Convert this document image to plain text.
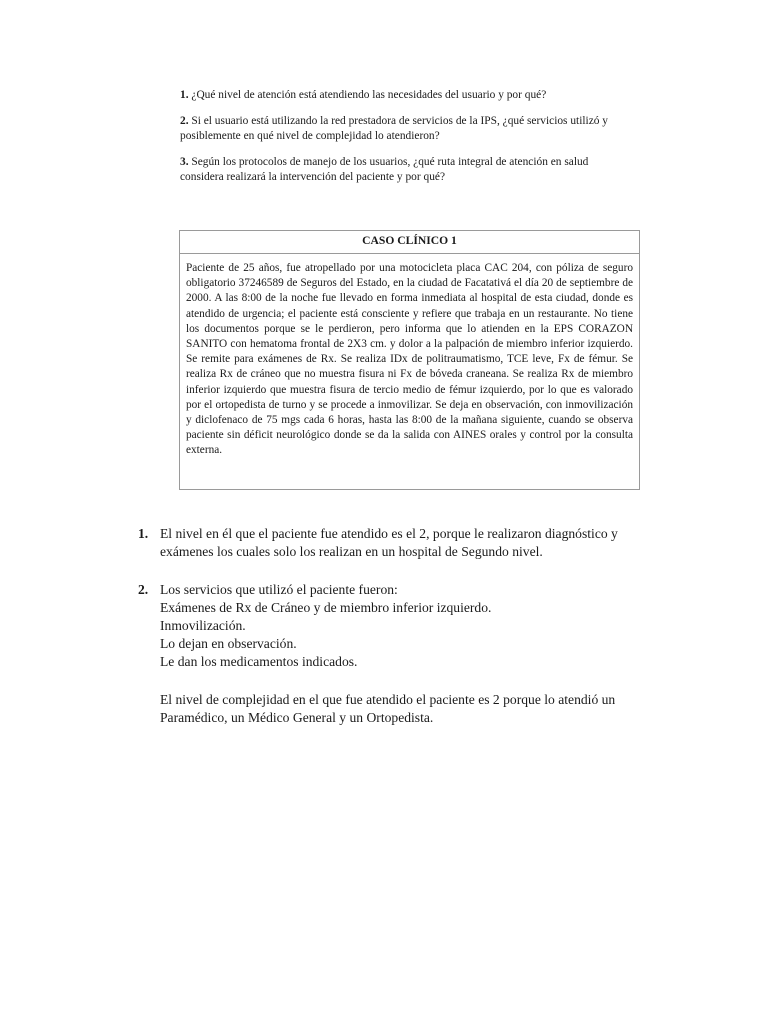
1. ¿Qué nivel de atención está atendiendo las necesidades del usuario y por qué?

2. Si el usuario está utilizando la red prestadora de servicios de la IPS, ¿qué servicios utilizó y posiblemente en qué nivel de complejidad lo atendieron?

3. Según los protocolos de manejo de los usuarios, ¿qué ruta integral de atención en salud considera realizará la intervención del paciente y por qué?

CASO CLÍNICO 1
Paciente de 25 años, fue atropellado por una motocicleta placa CAC 204, con póliza de seguro obligatorio 37246589 de Seguros del Estado, en la ciudad de Facatativá el día 20 de septiembre de 2000. A las 8:00 de la noche fue llevado en forma inmediata al hospital de esta ciudad, donde es atendido de urgencia; el paciente está consciente y refiere que trabaja en un restaurante. No tiene los documentos porque se le perdieron, pero informa que lo atienden en la EPS CORAZON SANITO con hematoma frontal de 2X3 cm. y dolor a la palpación de miembro inferior izquierdo. Se remite para exámenes de Rx. Se realiza IDx de politraumatismo, TCE leve, Fx de fémur. Se realiza Rx de cráneo que no muestra fisura ni Fx de bóveda craneana. Se realiza Rx de miembro inferior izquierdo que muestra fisura de tercio medio de fémur izquierdo, por lo que es valorado por el ortopedista de turno y se procede a inmovilizar. Se deja en observación, con inmovilización y diclofenaco de 75 mgs cada 6 horas, hasta las 8:00 de la mañana siguiente, cuando se observa paciente sin déficit neurológico donde se da la salida con AINES orales y control por la consulta externa.

1. El nivel en él que el paciente fue atendido es el 2, porque le realizaron diagnóstico y exámenes los cuales solo los realizan en un hospital de Segundo nivel.

2. Los servicios que utilizó el paciente fueron:
Exámenes de Rx de Cráneo y de miembro inferior izquierdo.
Inmovilización.
Lo dejan en observación.
Le dan los medicamentos indicados.

El nivel de complejidad en el que fue atendido el paciente es 2 porque lo atendió un Paramédico, un Médico General y un Ortopedista.
